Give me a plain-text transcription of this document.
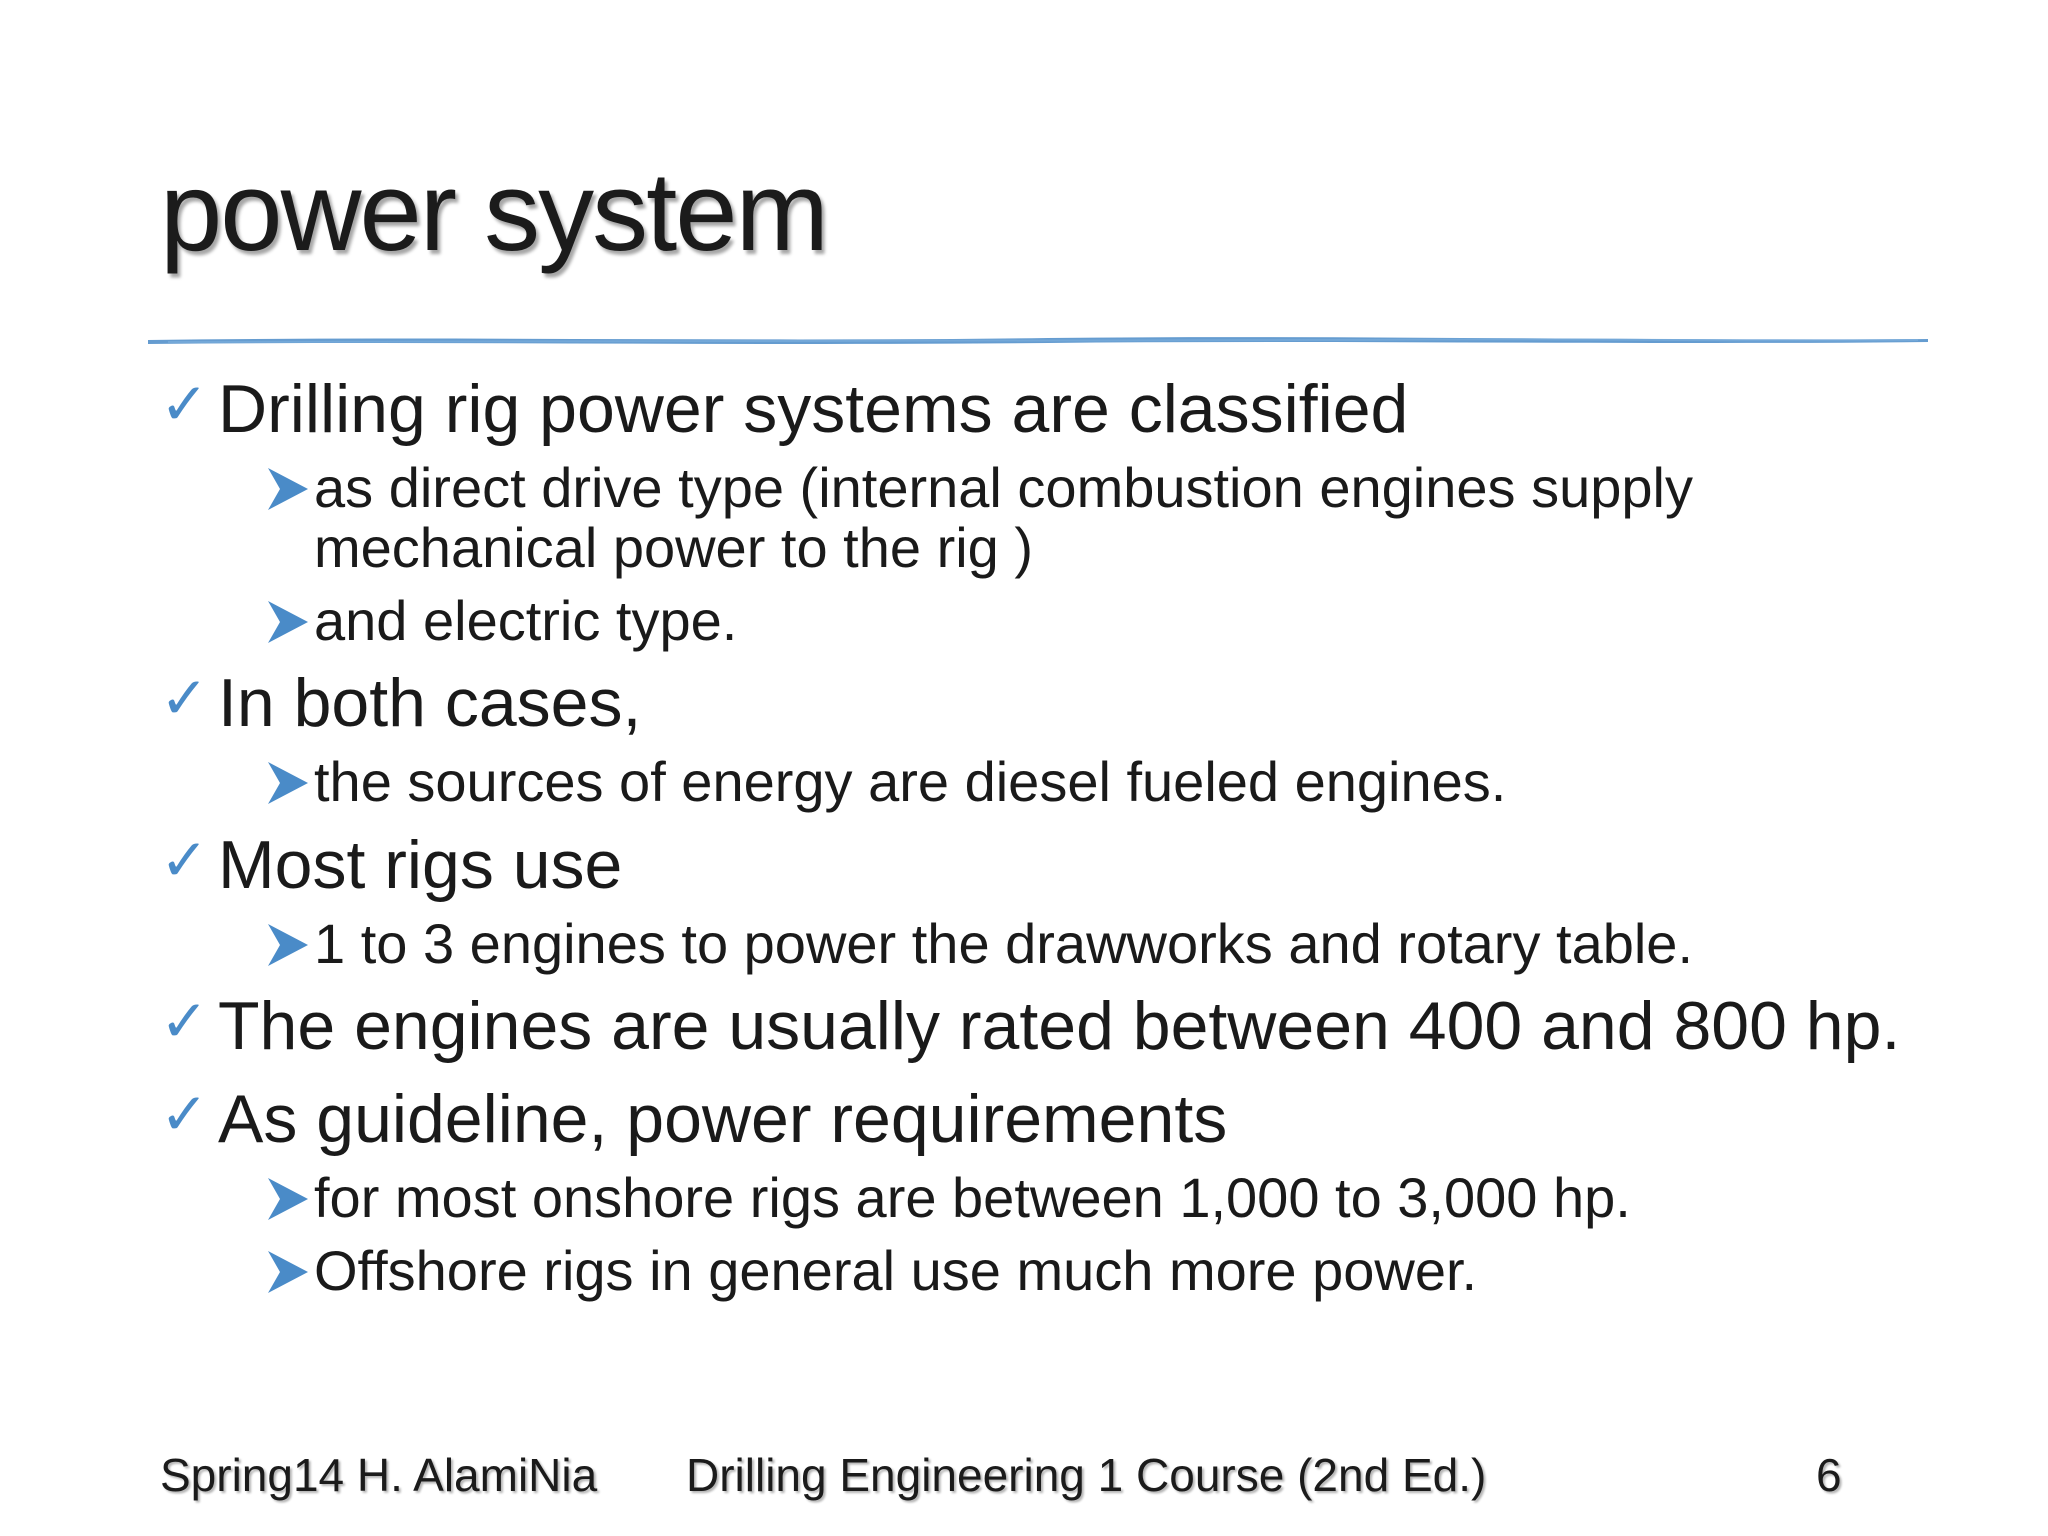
power system
✓ Drilling rig power systems are classified
as direct drive type (internal combustion engines supply mechanical power to the rig )
and electric type.
✓ In both cases,
the sources of energy are diesel fueled engines.
✓ Most rigs use
1 to 3 engines to power the drawworks and rotary table.
✓ The engines are usually rated between 400 and 800 hp.
✓ As guideline, power requirements
for most onshore rigs are between 1,000 to 3,000 hp.
Offshore rigs in general use much more power.
Spring14 H. AlamiNia Drilling Engineering 1 Course (2nd Ed.)	6
